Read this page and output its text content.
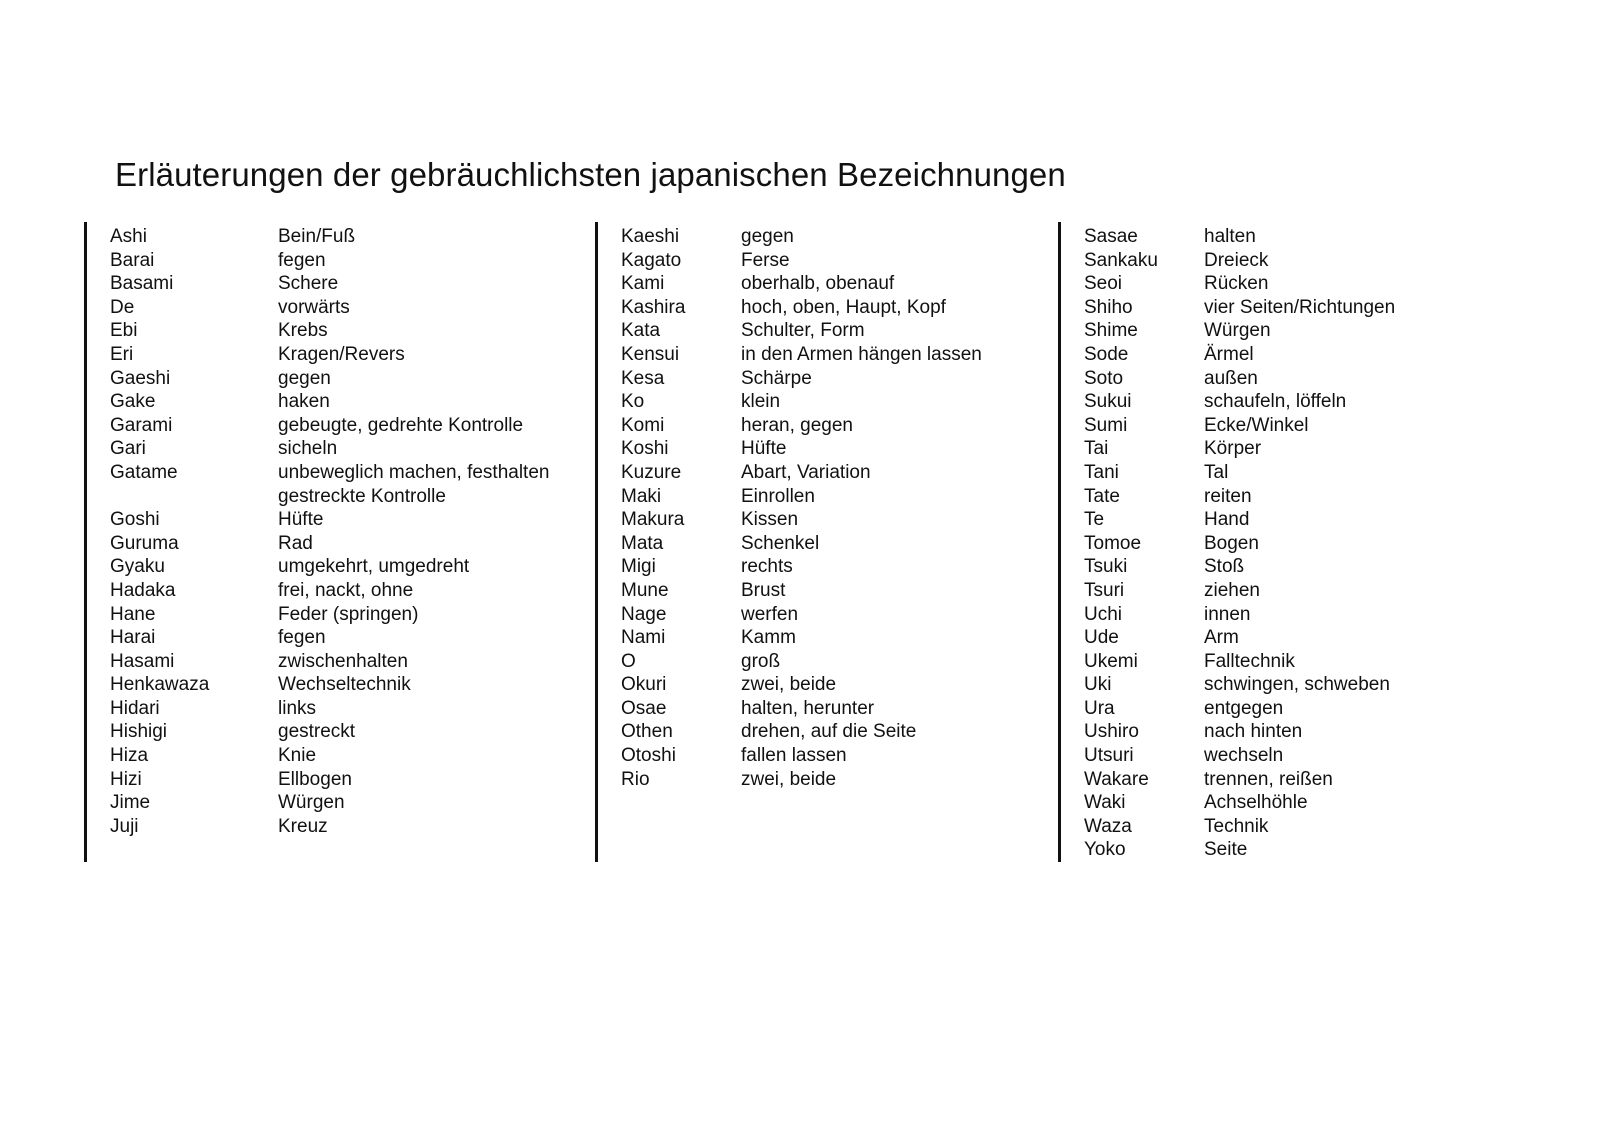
Erläuterungen der gebräuchlichsten japanischen Bezeichnungen
Ashi	Bein/Fuß
Barai	fegen
Basami	Schere
De	vorwärts
Ebi	Krebs
Eri	Kragen/Revers
Gaeshi	gegen
Gake	haken
Garami	gebeugte, gedrehte Kontrolle
Gari	sicheln
Gatame	unbeweglich machen, festhalten
gestreckte Kontrolle
Goshi	Hüfte
Guruma	Rad
Gyaku	umgekehrt, umgedreht
Hadaka	frei, nackt, ohne
Hane	Feder (springen)
Harai	fegen
Hasami	zwischenhalten
Henkawaza	Wechseltechnik
Hidari	links
Hishigi	gestreckt
Hiza	Knie
Hizi	Ellbogen
Jime	Würgen
Juji	Kreuz
Kaeshi	gegen
Kagato	Ferse
Kami	oberhalb, obenauf
Kashira	hoch, oben, Haupt, Kopf
Kata	Schulter, Form
Kensui	in den Armen hängen lassen
Kesa	Schärpe
Ko	klein
Komi	heran, gegen
Koshi	Hüfte
Kuzure	Abart, Variation
Maki	Einrollen
Makura	Kissen
Mata	Schenkel
Migi	rechts
Mune	Brust
Nage	werfen
Nami	Kamm
O	groß
Okuri	zwei, beide
Osae	halten, herunter
Othen	drehen, auf die Seite
Otoshi	fallen lassen
Rio	zwei, beide
Sasae	halten
Sankaku Dreieck
Seoi	Rücken
Shiho	vier Seiten/Richtungen
Shime	Würgen
Sode	Ärmel
Soto	außen
Sukui	schaufeln, löffeln
Sumi	Ecke/Winkel
Tai	Körper
Tani	Tal
Tate	reiten
Te	Hand
Tomoe	Bogen
Tsuki	Stoß
Tsuri	ziehen
Uchi	innen
Ude	Arm
Ukemi	Falltechnik
Uki	schwingen, schweben
Ura	entgegen
Ushiro	nach hinten
Utsuri	wechseln
Wakare	trennen, reißen
Waki	Achselhöhle
Waza	Technik
Yoko	Seite
